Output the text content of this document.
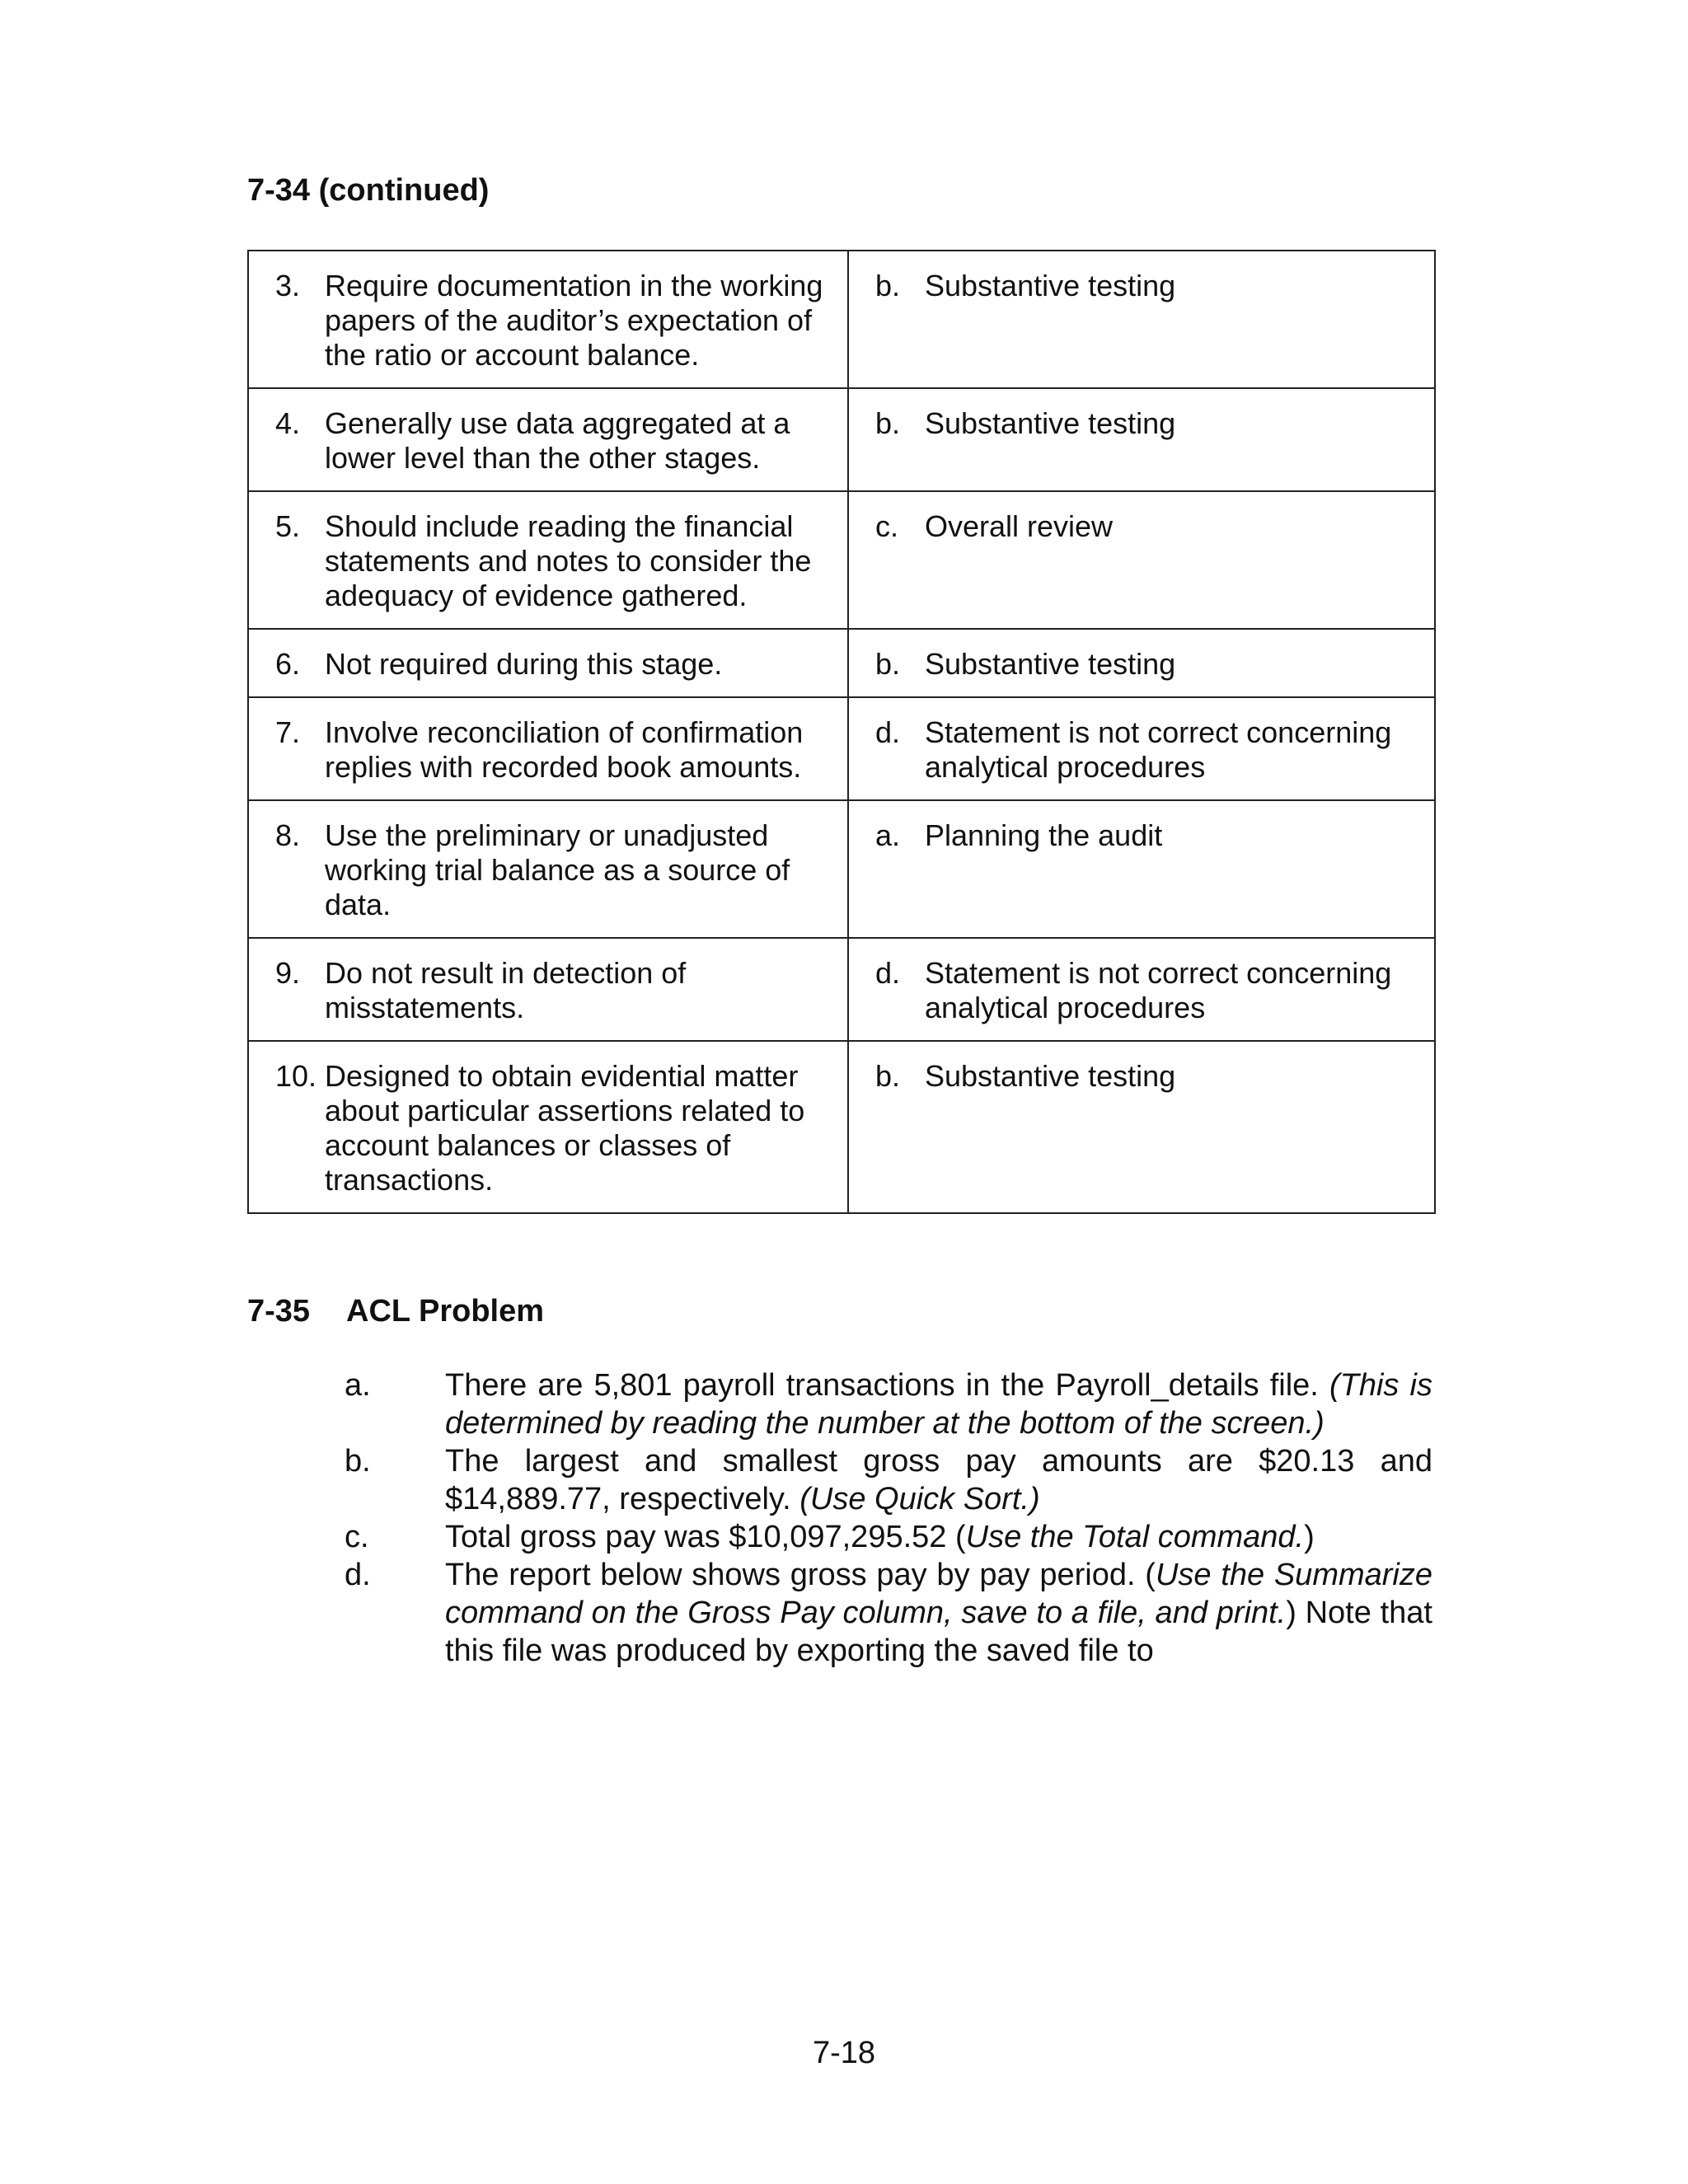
7-34 (continued)
3. Require documentation in the working papers of the auditor’s expectation of the ratio or account balance.	b. Substantive testing

4. Generally use data aggregated at a lower level than the other stages.	b. Substantive testing

5. Should include reading the financial statements and notes to consider the adequacy of evidence gathered.	c. Overall review

6. Not required during this stage.	b. Substantive testing

7. Involve reconciliation of confirmation replies with recorded book amounts.	d. Statement is not correct concerning analytical procedures

8. Use the preliminary or unadjusted working trial balance as a source of data.	a. Planning the audit

9. Do not result in detection of misstatements.	d. Statement is not correct concerning analytical procedures

10. Designed to obtain evidential matter about particular assertions related to account balances or classes of transactions.	b. Substantive testing
7-35 ACL Problem
a.	There are 5,801 payroll transactions in the Payroll_details file. (This is determined by reading the number at the bottom of the screen.)
b.	The largest and smallest gross pay amounts are $20.13 and $14,889.77, respectively. (Use Quick Sort.)
c.	Total gross pay was $10,097,295.52 (Use the Total command.)
d.	The report below shows gross pay by pay period. (Use the Summarize command on the Gross Pay column, save to a file, and print.) Note that this file was produced by exporting the saved file to
7-18
